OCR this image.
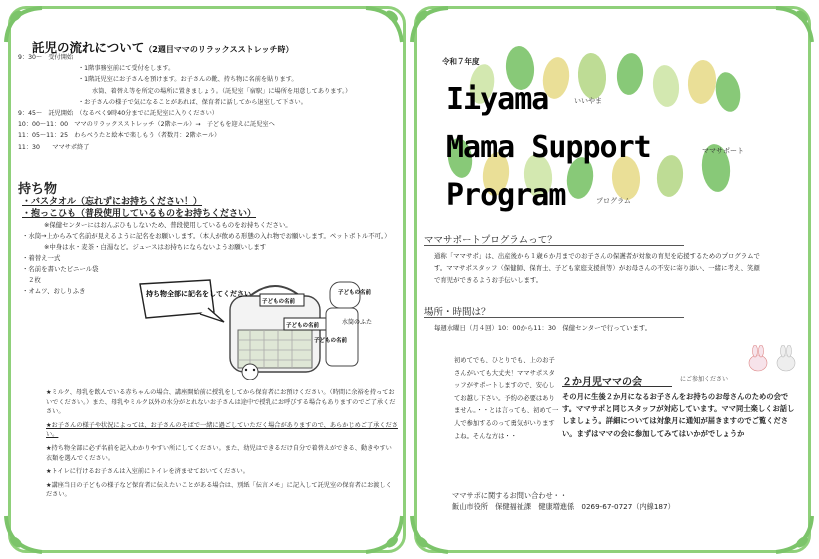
託児の流れについて（2週目ママのリラックスストレッチ時）
9：30～　受付開始
・1階事務室前にて受付をします。
・1階託児室にお子さんを預けます。お子さんの靴、持ち物に名前を貼ります。
水筒、着替え等を所定の場所に置きましょう。（託児室「宿駅」に場所を用意してあります。）
・お子さんの様子で気になることがあれば、保育者に話してから退室して下さい。
9：45～　託児開始　（なるべく9時40分までに託児室に入りください）
10：00～11：00　ママのリラックスストレッチ（2階ホール）→　子どもを迎えに託児室へ
11：05～11：25　わらべうたと絵本で楽しもう（者数月：2階ホール）
11：30　　ママサポ終了
持ち物
・バスタオル（忘れずにお持ちください！）
・抱っこひも（普段使用しているものをお持ちください）
※保健センターにはおんぶひもしないため、普段使用しているものをお持ちください。
・水筒→上からみて名前が見えるように記名をお願いします。（本人が飲める形態の入れ物でお願いします。ペットボトル不可。）
※中身は水・麦茶・白湯など。ジュースはお持ちにならないようお願いします
・着替え一式
・名前を書いたビニール袋
２枚
・オムツ、おしりふき
子どもの名前
子どもの名前
子どもの名前
子どもの名前
水筒のふた
持ち物全部に記名をしてください

★ミルク、母乳を飲んでいる赤ちゃんの場合、講座開始前に授乳をしてから保育者にお預けください。（時間に余裕を持っておいでください。）また、母乳やミルク以外の水分がとれないお子さんは途中で授乳にお呼びする場合もありますのでご了承ください。

★お子さんの様子や状況によっては、お子さんのそばで一緒に過ごしていただく場合がありますので、あらかじめご了承ください。

★持ち物全部に必ず名前を記入わかりやすい所にしてください。また、幼児はできるだけ自分で着替えができる、動きやすい衣類を選んでください。

★トイレに行けるお子さんは入室前にトイレを済ませておいてください。

★講座当日の子どもの様子など保育者に伝えたいことがある場合は、別紙「伝言メモ」に記入して託児室の保育者にお渡しください。

令和７年度
Iiyama	いいやま
Mama Support	ママサポート
Program	プログラム
ママサポートプログラムって？
通称「ママサポ」は、出産後から１歳６か月までのお子さんの保護者が対象の育児を応援するためのプログラムです。ママサポスタッフ（保健師、保育士、子ども家庭支援員等）がお母さんの不安に寄り添い、一緒に考え、笑顔で育児ができるようお手伝いします。
場所・時間は？
毎週水曜日（月４回）10：00から11：30　保健センターで行っています。
初めてでも、ひとりでも、上のお子さんがいても大丈夫！ママサポスタッフがサポートしますので、安心してお越し下さい。予約の必要はありません。・・とは言っても、初めて一人で参加するのって勇気がいりますよね。そんな方は・・
２か月児ママの会	にご参加ください
その月に生後２か月になるお子さんをお持ちのお母さんのための会です。ママサポと同じスタッフが対応しています。ママ同士楽しくお話ししましょう。詳細については対象月に通知が届きますのでご覧ください。まずはママの会に参加してみてはいかがでしょうか
ママサポに関するお問い合わせ・・
飯山市役所　保健福祉課　健康増進係　0269-67-0727（内線187）
